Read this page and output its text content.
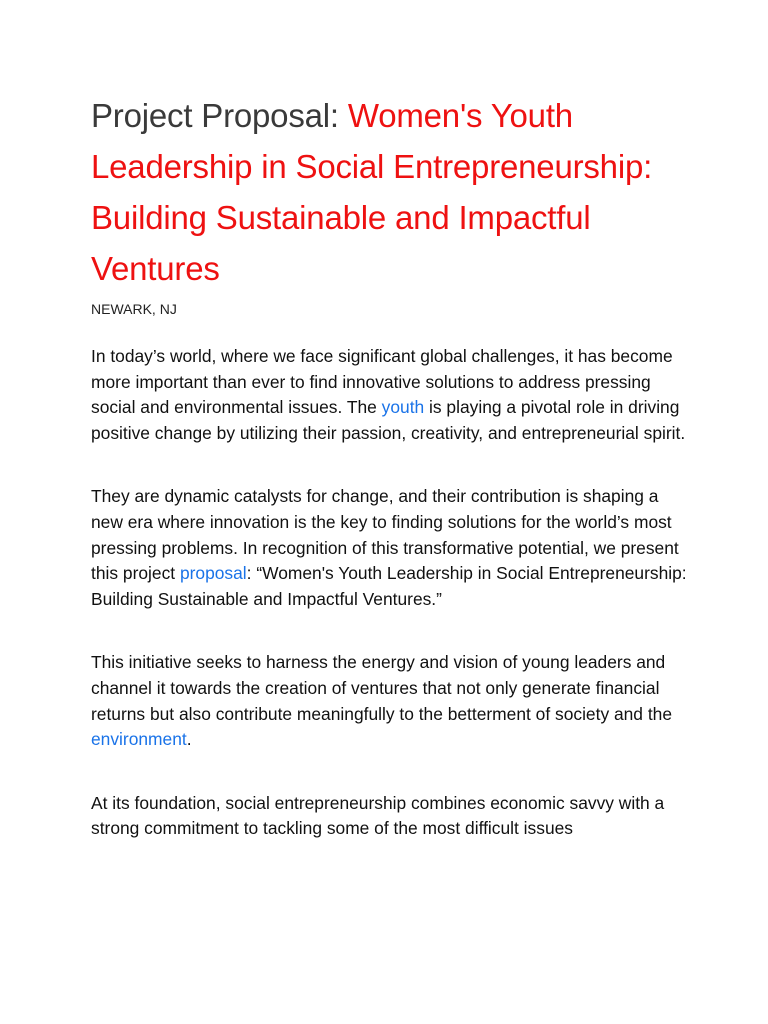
Project Proposal: Women's Youth Leadership in Social Entrepreneurship: Building Sustainable and Impactful Ventures

NEWARK, NJ

In today’s world, where we face significant global challenges, it has become more important than ever to find innovative solutions to address pressing social and environmental issues. The youth is playing a pivotal role in driving positive change by utilizing their passion, creativity, and entrepreneurial spirit.

They are dynamic catalysts for change, and their contribution is shaping a new era where innovation is the key to finding solutions for the world’s most pressing problems. In recognition of this transformative potential, we present this project proposal: “Women's Youth Leadership in Social Entrepreneurship: Building Sustainable and Impactful Ventures.”

This initiative seeks to harness the energy and vision of young leaders and channel it towards the creation of ventures that not only generate financial returns but also contribute meaningfully to the betterment of society and the environment.

At its foundation, social entrepreneurship combines economic savvy with a strong commitment to tackling some of the most difficult issues
